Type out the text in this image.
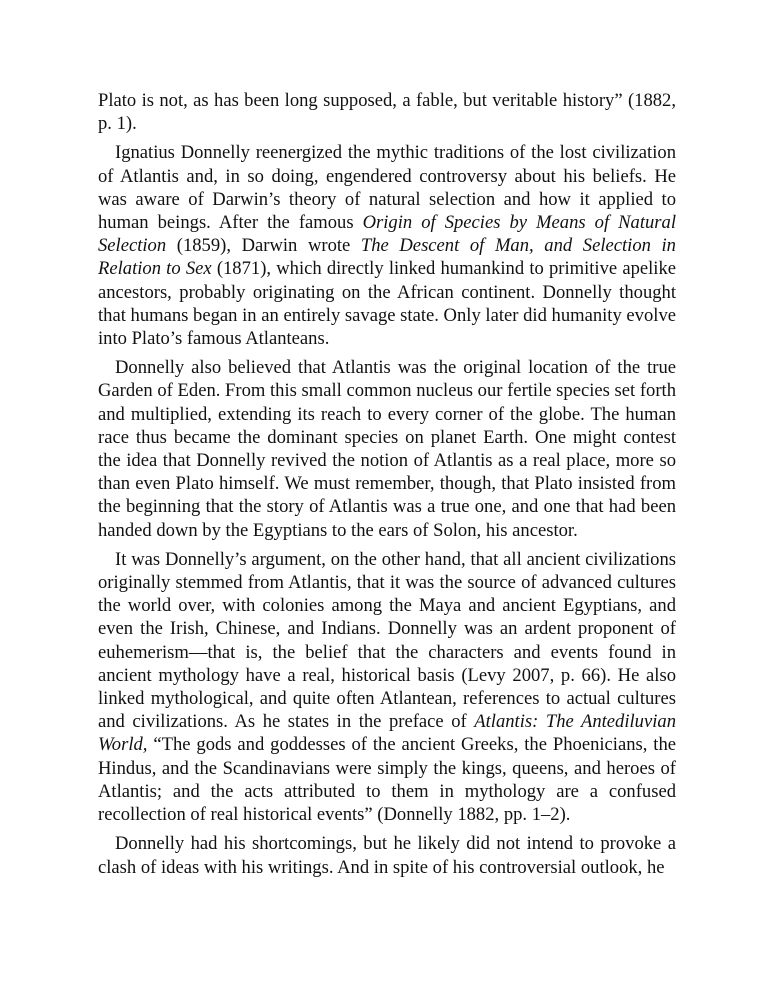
Plato is not, as has been long supposed, a fable, but veritable history” (1882, p. 1).

Ignatius Donnelly reenergized the mythic traditions of the lost civilization of Atlantis and, in so doing, engendered controversy about his beliefs. He was aware of Darwin’s theory of natural selection and how it applied to human beings. After the famous Origin of Species by Means of Natural Selection (1859), Darwin wrote The Descent of Man, and Selection in Relation to Sex (1871), which directly linked humankind to primitive apelike ancestors, probably originating on the African continent. Donnelly thought that humans began in an entirely savage state. Only later did humanity evolve into Plato’s famous Atlanteans.

Donnelly also believed that Atlantis was the original location of the true Garden of Eden. From this small common nucleus our fertile species set forth and multiplied, extending its reach to every corner of the globe. The human race thus became the dominant species on planet Earth. One might contest the idea that Donnelly revived the notion of Atlantis as a real place, more so than even Plato himself. We must remember, though, that Plato insisted from the beginning that the story of Atlantis was a true one, and one that had been handed down by the Egyptians to the ears of Solon, his ancestor.

It was Donnelly’s argument, on the other hand, that all ancient civilizations originally stemmed from Atlantis, that it was the source of advanced cultures the world over, with colonies among the Maya and ancient Egyptians, and even the Irish, Chinese, and Indians. Donnelly was an ardent proponent of euhemerism—that is, the belief that the characters and events found in ancient mythology have a real, historical basis (Levy 2007, p. 66). He also linked mythological, and quite often Atlantean, references to actual cultures and civilizations. As he states in the preface of Atlantis: The Antediluvian World, “The gods and goddesses of the ancient Greeks, the Phoenicians, the Hindus, and the Scandinavians were simply the kings, queens, and heroes of Atlantis; and the acts attributed to them in mythology are a confused recollection of real historical events” (Donnelly 1882, pp. 1–2).

Donnelly had his shortcomings, but he likely did not intend to provoke a clash of ideas with his writings. And in spite of his controversial outlook, he
